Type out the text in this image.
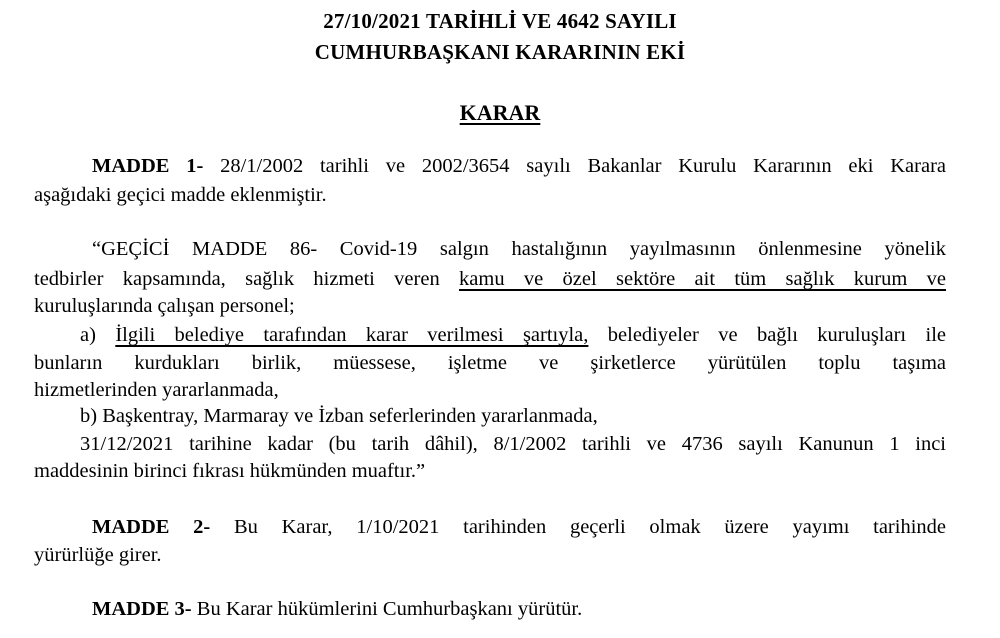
27/10/2021 TARİHLİ VE 4642 SAYILI
CUMHURBAŞKANI KARARININ EKİ
KARAR
MADDE 1- 28/1/2002 tarihli ve 2002/3654 sayılı Bakanlar Kurulu Kararının eki Karara
aşağıdaki geçici madde eklenmiştir.
“GEÇİCİ MADDE 86- Covid-19 salgın hastalığının yayılmasının önlenmesine yönelik
tedbirler kapsamında, sağlık hizmeti veren kamu ve özel sektöre ait tüm sağlık kurum ve
kuruluşlarında çalışan personel;
a) İlgili belediye tarafından karar verilmesi şartıyla, belediyeler ve bağlı kuruluşları ile
bunların kurdukları birlik, müessese, işletme ve şirketlerce yürütülen toplu taşıma
hizmetlerinden yararlanmada,
b) Başkentray, Marmaray ve İzban seferlerinden yararlanmada,
31/12/2021 tarihine kadar (bu tarih dâhil), 8/1/2002 tarihli ve 4736 sayılı Kanunun 1 inci
maddesinin birinci fıkrası hükmünden muaftır.”
MADDE 2- Bu Karar, 1/10/2021 tarihinden geçerli olmak üzere yayımı tarihinde
yürürlüğe girer.
MADDE 3- Bu Karar hükümlerini Cumhurbaşkanı yürütür.
